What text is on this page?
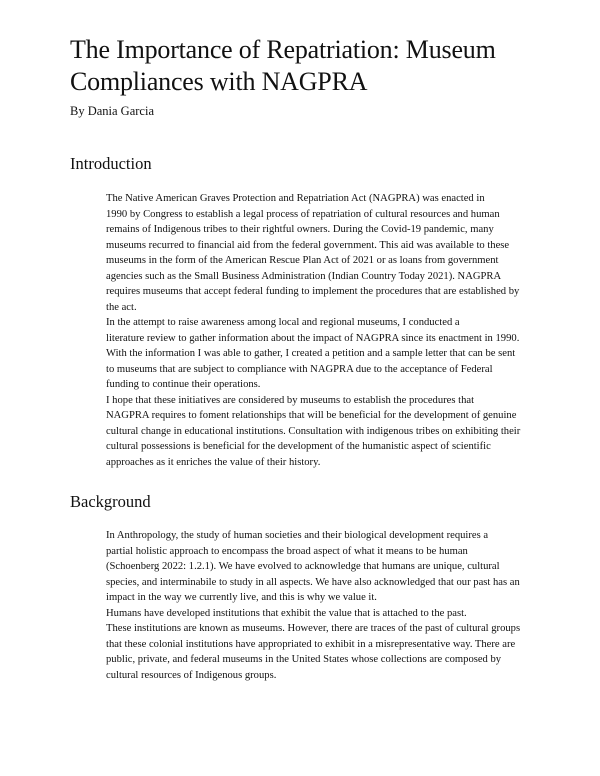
The Importance of Repatriation: Museum
Compliances with NAGPRA
By Dania Garcia
Introduction

The Native American Graves Protection and Repatriation Act (NAGPRA) was enacted in
1990 by Congress to establish a legal process of repatriation of cultural resources and human
remains of Indigenous tribes to their rightful owners. During the Covid-19 pandemic, many
museums recurred to financial aid from the federal government. This aid was available to these
museums in the form of the American Rescue Plan Act of 2021 or as loans from government
agencies such as the Small Business Administration (Indian Country Today 2021). NAGPRA
requires museums that accept federal funding to implement the procedures that are established by
the act.

In the attempt to raise awareness among local and regional museums, I conducted a
literature review to gather information about the impact of NAGPRA since its enactment in 1990.
With the information I was able to gather, I created a petition and a sample letter that can be sent
to museums that are subject to compliance with NAGPRA due to the acceptance of Federal
funding to continue their operations.

I hope that these initiatives are considered by museums to establish the procedures that
NAGPRA requires to foment relationships that will be beneficial for the development of genuine
cultural change in educational institutions. Consultation with indigenous tribes on exhibiting their
cultural possessions is beneficial for the development of the humanistic aspect of scientific
approaches as it enriches the value of their history.

Background

In Anthropology, the study of human societies and their biological development requires a
partial holistic approach to encompass the broad aspect of what it means to be human
(Schoenberg 2022: 1.2.1). We have evolved to acknowledge that humans are unique, cultural
species, and interminabile to study in all aspects. We have also acknowledged that our past has an
impact in the way we currently live, and this is why we value it.

Humans have developed institutions that exhibit the value that is attached to the past.
These institutions are known as museums. However, there are traces of the past of cultural groups
that these colonial institutions have appropriated to exhibit in a misrepresentative way. There are
public, private, and federal museums in the United States whose collections are composed by
cultural resources of Indigenous groups.
